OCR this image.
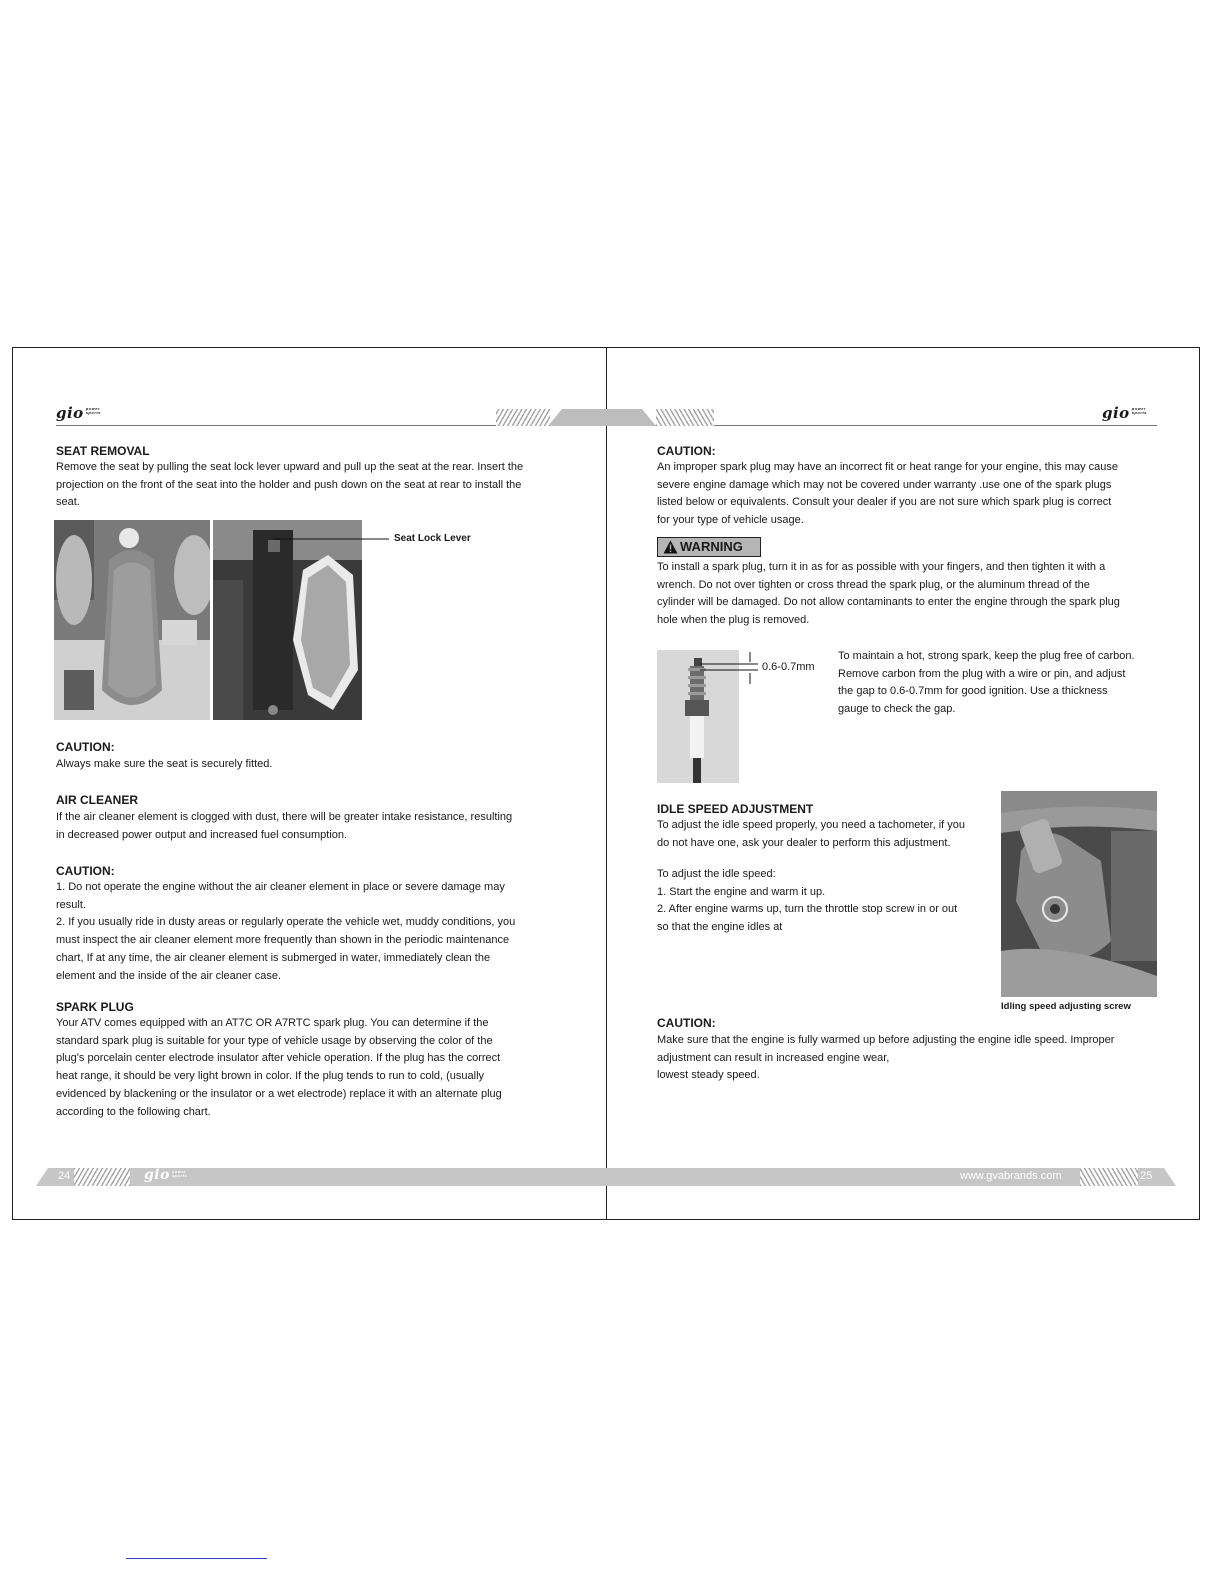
gio power sports	gio power sports
SEAT REMOVAL
Remove the seat by pulling the seat lock lever upward and pull up the seat at the rear. Insert the
projection on the front of the seat into the holder and push down on the seat at rear to install the
seat.
Seat Lock Lever
CAUTION:
Always make sure the seat is securely fitted.
AIR CLEANER
If the air cleaner element is clogged with dust, there will be greater intake resistance, resulting
in decreased power output and increased fuel consumption.
CAUTION:
1. Do not operate the engine without the air cleaner element in place or severe damage may
result.
2. If you usually ride in dusty areas or regularly operate the vehicle wet, muddy conditions, you
must inspect the air cleaner element more frequently than shown in the periodic maintenance
chart, If at any time, the air cleaner element is submerged in water, immediately clean the
element and the inside of the air cleaner case.
SPARK PLUG
Your ATV comes equipped with an AT7C OR A7RTC spark plug. You can determine if the
standard spark plug is suitable for your type of vehicle usage by observing the color of the
plug's porcelain center electrode insulator after vehicle operation. If the plug has the correct
heat range, it should be very light brown in color. If the plug tends to run to cold, (usually
evidenced by blackening or the insulator or a wet electrode) replace it with an alternate plug
according to the following chart.
CAUTION:
An improper spark plug may have an incorrect fit or heat range for your engine, this may cause
severe engine damage which may not be covered under warranty .use one of the spark plugs
listed below or equivalents. Consult your dealer if you are not sure which spark plug is correct
for your type of vehicle usage.
WARNING
To install a spark plug, turn it in as for as possible with your fingers, and then tighten it with a
wrench. Do not over tighten or cross thread the spark plug, or the aluminum thread of the
cylinder will be damaged. Do not allow contaminants to enter the engine through the spark plug
hole when the plug is removed.
0.6-0.7mm
To maintain a hot, strong spark, keep the plug free of carbon.
Remove carbon from the plug with a wire or pin, and adjust
the gap to 0.6-0.7mm for good ignition. Use a thickness
gauge to check the gap.
IDLE SPEED ADJUSTMENT
To adjust the idle speed properly, you need a tachometer, if you
do not have one, ask your dealer to perform this adjustment.
To adjust the idle speed:
1. Start the engine and warm it up.
2. After engine warms up, turn the throttle stop screw in or out
so that the engine idles at
Idling speed adjusting screw
CAUTION:
Make sure that the engine is fully warmed up before adjusting the engine idle speed. Improper
adjustment can result in increased engine wear,
lowest steady speed.
24	gio power sports	www.gvabrands.com	25
